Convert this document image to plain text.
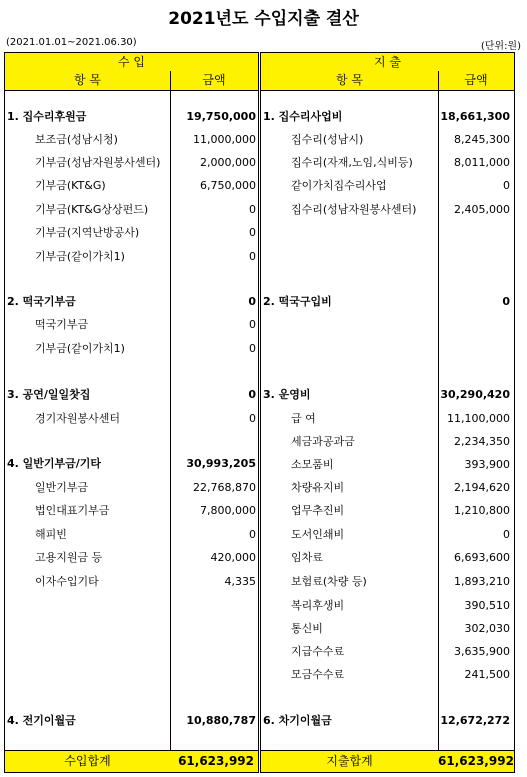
2021년도 수입지출 결산
(2021.01.01~2021.06.30)	(단위:원)
수 입
항 목	금액
1. 집수리후원금	19,750,000
보조금(성남시청)	11,000,000
기부금(성남자원봉사센터)	2,000,000
기부금(KT&G)	6,750,000
기부금(KT&G상상펀드)	0
기부금(지역난방공사)	0
기부금(같이가치1)	0
2. 떡국기부금	0
떡국기부금	0
기부금(같이가치1)	0
3. 공연/일일찻집	0
경기자원봉사센터	0
4. 일반기부금/기타	30,993,205
일반기부금	22,768,870
법인대표기부금	7,800,000
해피빈	0
고용지원금 등	420,000
이자수입기타	4,335
4. 전기이월금	10,880,787
수입합계	61,623,992
지 출
항 목	금액
1. 집수리사업비	18,661,300
집수리(성남시)	8,245,300
집수리(자재,노임,식비등)	8,011,000
같이가치집수리사업	0
집수리(성남자원봉사센터)	2,405,000
2. 떡국구입비	0
3. 운영비	30,290,420
급 여	11,100,000
세금과공과금	2,234,350
소모품비	393,900
차량유지비	2,194,620
업무추진비	1,210,800
도서인쇄비	0
임차료	6,693,600
보험료(차량 등)	1,893,210
복리후생비	390,510
통신비	302,030
지급수수료	3,635,900
모금수수료	241,500
6. 차기이월금	12,672,272
지출합계	61,623,992
